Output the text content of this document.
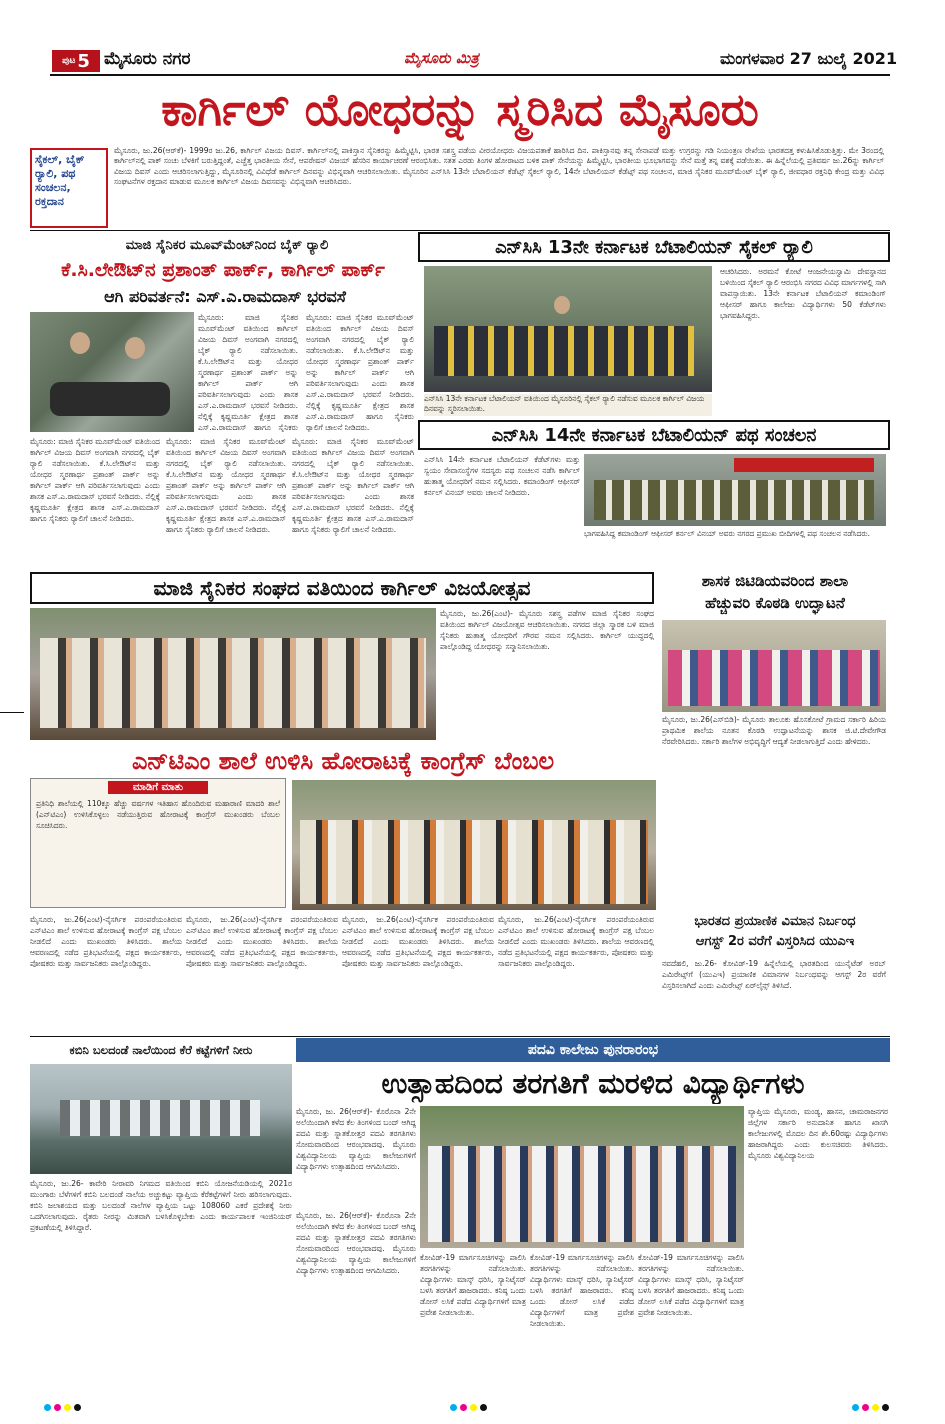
ಪುಟ 5 ಮೈಸೂರು ನಗರ	ಮೈಸೂರು ಮಿತ್ರ	ಮಂಗಳವಾರ 27 ಜುಲೈ 2021
ಕಾರ್ಗಿಲ್ ಯೋಧರನ್ನು ಸ್ಮರಿಸಿದ ಮೈಸೂರು
ಸೈಕಲ್, ಬೈಕ್ ರ‍್ಯಾಲಿ, ಪಥ ಸಂಚಲನ, ರಕ್ತದಾನ
ಮೈಸೂರು, ಜು.26(ಆರ್‌ಕೆ)- 1999ರ ಜು.26, ಕಾರ್ಗಿಲ್ ವಿಜಯ ದಿವಸ್. ಕಾರ್ಗಿಲ್‌ನಲ್ಲಿ ಪಾಕಿಸ್ತಾನ ಸೈನಿಕರನ್ನು ಹಿಮ್ಮೆಟ್ಟಿಸಿ, ಭಾರತ ಸಶಸ್ತ್ರ ಪಡೆಯ ವೀರಯೋಧರು ವಿಜಯಪತಾಕೆ ಹಾರಿಸಿದ ದಿನ. ಪಾಕಿಸ್ತಾನವು ತನ್ನ ಸೇನಾಪಡೆ ಮತ್ತು ಉಗ್ರರನ್ನು ಗಡಿ ನಿಯಂತ್ರಣ ರೇಖೆಯ ಭಾರತದತ್ತ ಕಳುಹಿಸಿಕೊಡುತ್ತಿತ್ತು. ಮೇ 3ರಂದಲ್ಲಿ ಕಾರ್ಗಿಲ್‌ನಲ್ಲಿ ಪಾಕ್ ಸಂಚು ಬೆಳಕಿಗೆ ಬರುತ್ತಿದ್ದಂತೆ, ಎಚ್ಚೆತ್ತ ಭಾರತೀಯ ಸೇನೆ, ಆಪರೇಷನ್ ವಿಜಯ್ ಹೆಸರಿನ ಕಾರ್ಯಾಚರಣೆ ಆರಂಭಿಸಿತು. ಸತತ ಎರಡು ತಿಂಗಳ ಹೋರಾಟದ ಬಳಿಕ ಪಾಕ್ ಸೇನೆಯನ್ನು ಹಿಮ್ಮೆಟ್ಟಿಸಿ, ಭಾರತೀಯ ಭೂಭಾಗವನ್ನು ಸೇನೆ ಮತ್ತೆ ತನ್ನ ವಶಕ್ಕೆ ಪಡೆಯಿತು. ಈ ಹಿನ್ನೆಲೆಯಲ್ಲಿ ಪ್ರತಿವರ್ಷ ಜು.26ನ್ನು ಕಾರ್ಗಿಲ್ ವಿಜಯ ದಿವಸ್ ಎಂದು ಆಚರಿಸಲಾಗುತ್ತಿದ್ದು, ಮೈಸೂರಿನಲ್ಲಿ ವಿವಿಧೆಡೆ ಕಾರ್ಗಿಲ್ ದಿನವನ್ನು ವಿಭಿನ್ನವಾಗಿ ಆಚರಿಸಲಾಯಿತು. ಮೈಸೂರಿನ ಎನ್‌ಸಿಸಿ 13ನೇ ಬೆಟಾಲಿಯನ್ ಕೆಡೆಟ್ಸ್ ಸೈಕಲ್ ರ‍್ಯಾಲಿ, 14ನೇ ಬೆಟಾಲಿಯನ್ ಕೆಡೆಟ್ಸ್ ಪಥ ಸಂಚಲನ, ಮಾಜಿ ಸೈನಿಕರ ಮೂವ್‌ಮೆಂಟ್ ಬೈಕ್ ರ‍್ಯಾಲಿ, ಜೀವಧಾರ ರಕ್ತನಿಧಿ ಕೇಂದ್ರ ಮತ್ತು ವಿವಿಧ ಸಂಘಟನೆಗಳ ರಕ್ತದಾನ ಮಾಡುವ ಮೂಲಕ ಕಾರ್ಗಿಲ್ ವಿಜಯ ದಿವಸವನ್ನು ವಿಭಿನ್ನವಾಗಿ ಆಚರಿಸಿದರು.
ಮಾಜಿ ಸೈನಿಕರ ಮೂವ್‌ಮೆಂಟ್‌ನಿಂದ ಬೈಕ್ ರ‍್ಯಾಲಿ
ಕೆ.ಸಿ.ಲೇಔಟ್‌ನ ಪ್ರಶಾಂತ್ ಪಾರ್ಕ್, ಕಾರ್ಗಿಲ್ ಪಾರ್ಕ್
ಆಗಿ ಪರಿವರ್ತನೆ: ಎಸ್.ಎ.ರಾಮದಾಸ್ ಭರವಸೆ
ಮೈಸೂರು: ಮಾಜಿ ಸೈನಿಕರ ಮೂವ್‌ಮೆಂಟ್ ವತಿಯಿಂದ ಕಾರ್ಗಿಲ್ ವಿಜಯ ದಿವಸ್ ಅಂಗವಾಗಿ ನಗರದಲ್ಲಿ ಬೈಕ್ ರ‍್ಯಾಲಿ ನಡೆಸಲಾಯಿತು. ಕೆ.ಸಿ.ಲೇಔಟ್‌ನ ಮತ್ತು ಯೋಧರ ಸ್ಮರಣಾರ್ಥ ಪ್ರಶಾಂತ್ ಪಾರ್ಕ್ ಅನ್ನು ಕಾರ್ಗಿಲ್ ಪಾರ್ಕ್ ಆಗಿ ಪರಿವರ್ತಿಸಲಾಗುವುದು ಎಂದು ಶಾಸಕ ಎಸ್.ಎ.ರಾಮದಾಸ್ ಭರವಸೆ ನೀಡಿದರು. ನೆಲ್ಲಿಕ್ಕೆ ಕೃಷ್ಣಮೂರ್ತಿ ಕ್ಷೇತ್ರದ ಶಾಸಕ ಎಸ್.ಎ.ರಾಮದಾಸ್ ಹಾಗೂ ಸೈನಿಕರು
ಮೈಸೂರು: ಮಾಜಿ ಸೈನಿಕರ ಮೂವ್‌ಮೆಂಟ್ ವತಿಯಿಂದ ಕಾರ್ಗಿಲ್ ವಿಜಯ ದಿವಸ್ ಅಂಗವಾಗಿ ನಗರದಲ್ಲಿ ಬೈಕ್ ರ‍್ಯಾಲಿ ನಡೆಸಲಾಯಿತು. ಕೆ.ಸಿ.ಲೇಔಟ್‌ನ ಮತ್ತು ಯೋಧರ ಸ್ಮರಣಾರ್ಥ ಪ್ರಶಾಂತ್ ಪಾರ್ಕ್ ಅನ್ನು ಕಾರ್ಗಿಲ್ ಪಾರ್ಕ್ ಆಗಿ ಪರಿವರ್ತಿಸಲಾಗುವುದು ಎಂದು ಶಾಸಕ ಎಸ್.ಎ.ರಾಮದಾಸ್ ಭರವಸೆ ನೀಡಿದರು. ನೆಲ್ಲಿಕ್ಕೆ ಕೃಷ್ಣಮೂರ್ತಿ ಕ್ಷೇತ್ರದ ಶಾಸಕ ಎಸ್.ಎ.ರಾಮದಾಸ್ ಹಾಗೂ ಸೈನಿಕರು ರ‍್ಯಾಲಿಗೆ ಚಾಲನೆ ನೀಡಿದರು.
ಮೈಸೂರು: ಮಾಜಿ ಸೈನಿಕರ ಮೂವ್‌ಮೆಂಟ್ ವತಿಯಿಂದ ಕಾರ್ಗಿಲ್ ವಿಜಯ ದಿವಸ್ ಅಂಗವಾಗಿ ನಗರದಲ್ಲಿ ಬೈಕ್ ರ‍್ಯಾಲಿ ನಡೆಸಲಾಯಿತು. ಕೆ.ಸಿ.ಲೇಔಟ್‌ನ ಮತ್ತು ಯೋಧರ ಸ್ಮರಣಾರ್ಥ ಪ್ರಶಾಂತ್ ಪಾರ್ಕ್ ಅನ್ನು ಕಾರ್ಗಿಲ್ ಪಾರ್ಕ್ ಆಗಿ ಪರಿವರ್ತಿಸಲಾಗುವುದು ಎಂದು ಶಾಸಕ ಎಸ್.ಎ.ರಾಮದಾಸ್ ಭರವಸೆ ನೀಡಿದರು. ನೆಲ್ಲಿಕ್ಕೆ ಕೃಷ್ಣಮೂರ್ತಿ ಕ್ಷೇತ್ರದ ಶಾಸಕ ಎಸ್.ಎ.ರಾಮದಾಸ್ ಹಾಗೂ ಸೈನಿಕರು ರ‍್ಯಾಲಿಗೆ ಚಾಲನೆ ನೀಡಿದರು.
ಮೈಸೂರು: ಮಾಜಿ ಸೈನಿಕರ ಮೂವ್‌ಮೆಂಟ್ ವತಿಯಿಂದ ಕಾರ್ಗಿಲ್ ವಿಜಯ ದಿವಸ್ ಅಂಗವಾಗಿ ನಗರದಲ್ಲಿ ಬೈಕ್ ರ‍್ಯಾಲಿ ನಡೆಸಲಾಯಿತು. ಕೆ.ಸಿ.ಲೇಔಟ್‌ನ ಮತ್ತು ಯೋಧರ ಸ್ಮರಣಾರ್ಥ ಪ್ರಶಾಂತ್ ಪಾರ್ಕ್ ಅನ್ನು ಕಾರ್ಗಿಲ್ ಪಾರ್ಕ್ ಆಗಿ ಪರಿವರ್ತಿಸಲಾಗುವುದು ಎಂದು ಶಾಸಕ ಎಸ್.ಎ.ರಾಮದಾಸ್ ಭರವಸೆ ನೀಡಿದರು. ನೆಲ್ಲಿಕ್ಕೆ ಕೃಷ್ಣಮೂರ್ತಿ ಕ್ಷೇತ್ರದ ಶಾಸಕ ಎಸ್.ಎ.ರಾಮದಾಸ್ ಹಾಗೂ ಸೈನಿಕರು ರ‍್ಯಾಲಿಗೆ ಚಾಲನೆ ನೀಡಿದರು.
ಮೈಸೂರು: ಮಾಜಿ ಸೈನಿಕರ ಮೂವ್‌ಮೆಂಟ್ ವತಿಯಿಂದ ಕಾರ್ಗಿಲ್ ವಿಜಯ ದಿವಸ್ ಅಂಗವಾಗಿ ನಗರದಲ್ಲಿ ಬೈಕ್ ರ‍್ಯಾಲಿ ನಡೆಸಲಾಯಿತು. ಕೆ.ಸಿ.ಲೇಔಟ್‌ನ ಮತ್ತು ಯೋಧರ ಸ್ಮರಣಾರ್ಥ ಪ್ರಶಾಂತ್ ಪಾರ್ಕ್ ಅನ್ನು ಕಾರ್ಗಿಲ್ ಪಾರ್ಕ್ ಆಗಿ ಪರಿವರ್ತಿಸಲಾಗುವುದು ಎಂದು ಶಾಸಕ ಎಸ್.ಎ.ರಾಮದಾಸ್ ಭರವಸೆ ನೀಡಿದರು. ನೆಲ್ಲಿಕ್ಕೆ ಕೃಷ್ಣಮೂರ್ತಿ ಕ್ಷೇತ್ರದ ಶಾಸಕ ಎಸ್.ಎ.ರಾಮದಾಸ್ ಹಾಗೂ ಸೈನಿಕರು ರ‍್ಯಾಲಿಗೆ ಚಾಲನೆ ನೀಡಿದರು.
ಎನ್‌ಸಿಸಿ 13ನೇ ಕರ್ನಾಟಕ ಬೆಟಾಲಿಯನ್ ಸೈಕಲ್ ರ‍್ಯಾಲಿ
ಎನ್‌ಸಿಸಿ 13ನೇ ಕರ್ನಾಟಕ ಬೆಟಾಲಿಯನ್ ವತಿಯಿಂದ ಮೈಸೂರಿನಲ್ಲಿ ಸೈಕಲ್ ರ‍್ಯಾಲಿ ನಡೆಸುವ ಮೂಲಕ ಕಾರ್ಗಿಲ್ ವಿಜಯ ದಿನವನ್ನು ಸ್ಮರಿಸಲಾಯಿತು.
ಆಚರಿಸಿದರು. ಅರಮನೆ ಕೋಟೆ ಆಂಜನೇಯಸ್ವಾಮಿ ದೇವಸ್ಥಾನದ ಬಳಿಯಿಂದ ಸೈಕಲ್ ರ‍್ಯಾಲಿ ಆರಂಭಿಸಿ ನಗರದ ವಿವಿಧ ಮಾರ್ಗಗಳಲ್ಲಿ ಸಾಗಿ ವಾಪಸ್ಸಾಯಿತು. 13ನೇ ಕರ್ನಾಟಕ ಬೆಟಾಲಿಯನ್ ಕಮಾಂಡಿಂಗ್ ಆಫೀಸರ್ ಹಾಗೂ ಕಾಲೇಜು ವಿದ್ಯಾರ್ಥಿಗಳು 50 ಕೆಡೆಟ್‌ಗಳು ಭಾಗವಹಿಸಿದ್ದರು.
ಎನ್‌ಸಿಸಿ 14ನೇ ಕರ್ನಾಟಕ ಬೆಟಾಲಿಯನ್ ಪಥ ಸಂಚಲನ
ಎನ್‌ಸಿಸಿ 14ನೇ ಕರ್ನಾಟಕ ಬೆಟಾಲಿಯನ್ ಕೆಡೆಟ್‌ಗಳು ಮತ್ತು ಸ್ವಯಂ ಸೇವಾಸಂಸ್ಥೆಗಳ ಸದಸ್ಯರು ಪಥ ಸಂಚಲನ ನಡೆಸಿ ಕಾರ್ಗಿಲ್ ಹುತಾತ್ಮ ಯೋಧರಿಗೆ ನಮನ ಸಲ್ಲಿಸಿದರು. ಕಮಾಂಡಿಂಗ್ ಆಫೀಸರ್ ಕರ್ನಲ್ ವಿನಯ್ ಅವರು ಚಾಲನೆ ನೀಡಿದರು.
ಭಾಗವಹಿಸಿದ್ದ ಕಮಾಂಡಿಂಗ್ ಆಫೀಸರ್ ಕರ್ನಲ್ ವಿನಯ್ ಅವರು ನಗರದ ಪ್ರಮುಖ ಬೀದಿಗಳಲ್ಲಿ ಪಥ ಸಂಚಲನ ನಡೆಸಿದರು.
ಮಾಜಿ ಸೈನಿಕರ ಸಂಘದ ವತಿಯಿಂದ ಕಾರ್ಗಿಲ್ ವಿಜಯೋತ್ಸವ
ಮೈಸೂರು, ಜು.26(ಎಂಟಿ)- ಮೈಸೂರು ಸಶಸ್ತ್ರ ಪಡೆಗಳ ಮಾಜಿ ಸೈನಿಕರ ಸಂಘದ ವತಿಯಿಂದ ಕಾರ್ಗಿಲ್ ವಿಜಯೋತ್ಸವ ಆಚರಿಸಲಾಯಿತು. ನಗರದ ಜಿಲ್ಲಾ ಸ್ಮಾರಕ ಬಳಿ ಮಾಜಿ ಸೈನಿಕರು ಹುತಾತ್ಮ ಯೋಧರಿಗೆ ಗೌರವ ನಮನ ಸಲ್ಲಿಸಿದರು. ಕಾರ್ಗಿಲ್ ಯುದ್ಧದಲ್ಲಿ ಪಾಲ್ಗೊಂಡಿದ್ದ ಯೋಧರನ್ನು ಸನ್ಮಾನಿಸಲಾಯಿತು.
ಶಾಸಕ ಜಿಟಿಡಿಯವರಿಂದ ಶಾಲಾ
ಹೆಚ್ಚುವರಿ ಕೊಠಡಿ ಉದ್ಘಾಟನೆ
ಮೈಸೂರು, ಜು.26(ಎಸ್‌ಬಿಡಿ)- ಮೈಸೂರು ತಾಲೂಕು ಹೊಸಕೋಟೆ ಗ್ರಾಮದ ಸರ್ಕಾರಿ ಹಿರಿಯ ಪ್ರಾಥಮಿಕ ಶಾಲೆಯ ನೂತನ ಕೊಠಡಿ ಉದ್ಘಾಟನೆಯನ್ನು ಶಾಸಕ ಜಿ.ಟಿ.ದೇವೇಗೌಡ ನೆರವೇರಿಸಿದರು. ಸರ್ಕಾರಿ ಶಾಲೆಗಳ ಅಭಿವೃದ್ಧಿಗೆ ಆದ್ಯತೆ ನೀಡಲಾಗುತ್ತಿದೆ ಎಂದು ಹೇಳಿದರು.
ಎನ್‌ಟಿಎಂ ಶಾಲೆ ಉಳಿಸಿ ಹೋರಾಟಕ್ಕೆ ಕಾಂಗ್ರೆಸ್ ಬೆಂಬಲ
ಮಾಡಿಗೆ ಮಾತು
ಪ್ರತಿನಿಧಿ ಶಾಲೆಯಲ್ಲಿ 110ಕ್ಕೂ ಹೆಚ್ಚು ವರ್ಷಗಳ ಇತಿಹಾಸ ಹೊಂದಿರುವ ಮಹಾರಾಣಿ ಮಾದರಿ ಶಾಲೆ (ಎನ್‌ಟಿಎಂ) ಉಳಿಸಿಕೊಳ್ಳಲು ನಡೆಯುತ್ತಿರುವ ಹೋರಾಟಕ್ಕೆ ಕಾಂಗ್ರೆಸ್ ಮುಖಂಡರು ಬೆಂಬಲ ಸೂಚಿಸಿದರು.
ಮೈಸೂರು, ಜು.26(ಎಂಟಿ)-ನೈಸರ್ಗಿಕ ಪರಂಪರೆಯಂತಿರುವ ಎನ್‌ಟಿಎಂ ಶಾಲೆ ಉಳಿಸುವ ಹೋರಾಟಕ್ಕೆ ಕಾಂಗ್ರೆಸ್ ಪಕ್ಷ ಬೆಂಬಲ ನೀಡಲಿದೆ ಎಂದು ಮುಖಂಡರು ತಿಳಿಸಿದರು. ಶಾಲೆಯ ಆವರಣದಲ್ಲಿ ನಡೆದ ಪ್ರತಿಭಟನೆಯಲ್ಲಿ ಪಕ್ಷದ ಕಾರ್ಯಕರ್ತರು, ಪೋಷಕರು ಮತ್ತು ಸಾರ್ವಜನಿಕರು ಪಾಲ್ಗೊಂಡಿದ್ದರು.
ಮೈಸೂರು, ಜು.26(ಎಂಟಿ)-ನೈಸರ್ಗಿಕ ಪರಂಪರೆಯಂತಿರುವ ಎನ್‌ಟಿಎಂ ಶಾಲೆ ಉಳಿಸುವ ಹೋರಾಟಕ್ಕೆ ಕಾಂಗ್ರೆಸ್ ಪಕ್ಷ ಬೆಂಬಲ ನೀಡಲಿದೆ ಎಂದು ಮುಖಂಡರು ತಿಳಿಸಿದರು. ಶಾಲೆಯ ಆವರಣದಲ್ಲಿ ನಡೆದ ಪ್ರತಿಭಟನೆಯಲ್ಲಿ ಪಕ್ಷದ ಕಾರ್ಯಕರ್ತರು, ಪೋಷಕರು ಮತ್ತು ಸಾರ್ವಜನಿಕರು ಪಾಲ್ಗೊಂಡಿದ್ದರು.
ಮೈಸೂರು, ಜು.26(ಎಂಟಿ)-ನೈಸರ್ಗಿಕ ಪರಂಪರೆಯಂತಿರುವ ಎನ್‌ಟಿಎಂ ಶಾಲೆ ಉಳಿಸುವ ಹೋರಾಟಕ್ಕೆ ಕಾಂಗ್ರೆಸ್ ಪಕ್ಷ ಬೆಂಬಲ ನೀಡಲಿದೆ ಎಂದು ಮುಖಂಡರು ತಿಳಿಸಿದರು. ಶಾಲೆಯ ಆವರಣದಲ್ಲಿ ನಡೆದ ಪ್ರತಿಭಟನೆಯಲ್ಲಿ ಪಕ್ಷದ ಕಾರ್ಯಕರ್ತರು, ಪೋಷಕರು ಮತ್ತು ಸಾರ್ವಜನಿಕರು ಪಾಲ್ಗೊಂಡಿದ್ದರು.
ಮೈಸೂರು, ಜು.26(ಎಂಟಿ)-ನೈಸರ್ಗಿಕ ಪರಂಪರೆಯಂತಿರುವ ಎನ್‌ಟಿಎಂ ಶಾಲೆ ಉಳಿಸುವ ಹೋರಾಟಕ್ಕೆ ಕಾಂಗ್ರೆಸ್ ಪಕ್ಷ ಬೆಂಬಲ ನೀಡಲಿದೆ ಎಂದು ಮುಖಂಡರು ತಿಳಿಸಿದರು. ಶಾಲೆಯ ಆವರಣದಲ್ಲಿ ನಡೆದ ಪ್ರತಿಭಟನೆಯಲ್ಲಿ ಪಕ್ಷದ ಕಾರ್ಯಕರ್ತರು, ಪೋಷಕರು ಮತ್ತು ಸಾರ್ವಜನಿಕರು ಪಾಲ್ಗೊಂಡಿದ್ದರು.
ಭಾರತದ ಪ್ರಯಾಣಿಕ ವಿಮಾನ ನಿರ್ಬಂಧ
ಆಗಸ್ಟ್ 2ರ ವರೆಗೆ ವಿಸ್ತರಿಸಿದ ಯುಎಇ
ನವದೆಹಲಿ, ಜು.26- ಕೋವಿಡ್-19 ಹಿನ್ನೆಲೆಯಲ್ಲಿ ಭಾರತದಿಂದ ಯುನೈಟೆಡ್ ಅರಬ್ ಎಮಿರೇಟ್ಸ್‌ಗೆ (ಯುಎಇ) ಪ್ರಯಾಣಿಕ ವಿಮಾನಗಳ ನಿರ್ಬಂಧವನ್ನು ಆಗಸ್ಟ್ 2ರ ವರೆಗೆ ವಿಸ್ತರಿಸಲಾಗಿದೆ ಎಂದು ಎಮಿರೇಟ್ಸ್ ಏರ್‌ಲೈನ್ಸ್ ತಿಳಿಸಿದೆ.
ಕಬಿನಿ ಬಲದಂಡೆ ನಾಲೆಯಿಂದ ಕೆರೆ ಕಟ್ಟೆಗಳಿಗೆ ನೀರು
ಮೈಸೂರು, ಜು.26- ಕಾವೇರಿ ನೀರಾವರಿ ನಿಗಮದ ವತಿಯಿಂದ ಕಬಿನಿ ಯೋಜನೆಯಡಿಯಲ್ಲಿ 2021ರ ಮುಂಗಾರು ಬೆಳೆಗಳಿಗೆ ಕಬಿನಿ ಬಲದಂಡೆ ನಾಲೆಯ ಅಚ್ಚುಕಟ್ಟು ವ್ಯಾಪ್ತಿಯ ಕೆರೆಕಟ್ಟೆಗಳಿಗೆ ನೀರು ಹರಿಸಲಾಗುವುದು. ಕಬಿನಿ ಜಲಾಶಯದ ಮತ್ತು ಬಲದಂಡೆ ನಾಲೆಗಳ ವ್ಯಾಪ್ತಿಯ ಒಟ್ಟು 108060 ಎಕರೆ ಪ್ರದೇಶಕ್ಕೆ ನೀರು ಒದಗಿಸಲಾಗುವುದು. ರೈತರು ನೀರನ್ನು ಮಿತವಾಗಿ ಬಳಸಿಕೊಳ್ಳಬೇಕು ಎಂದು ಕಾರ್ಯಪಾಲಕ ಇಂಜಿನಿಯರ್ ಪ್ರಕಟಣೆಯಲ್ಲಿ ತಿಳಿಸಿದ್ದಾರೆ.
ಪದವಿ ಕಾಲೇಜು ಪುನರಾರಂಭ
ಉತ್ಸಾಹದಿಂದ ತರಗತಿಗೆ ಮರಳಿದ ವಿದ್ಯಾರ್ಥಿಗಳು
ಮೈಸೂರು, ಜು. 26(ಆರ್‌ಕೆ)- ಕೊರೊನಾ 2ನೇ ಅಲೆಯಿಂದಾಗಿ ಕಳೆದ ಕೆಲ ತಿಂಗಳಿಂದ ಬಂದ್ ಆಗಿದ್ದ ಪದವಿ ಮತ್ತು ಸ್ನಾತಕೋತ್ತರ ಪದವಿ ತರಗತಿಗಳು ಸೋಮವಾರದಿಂದ ಆರಂಭವಾದವು. ಮೈಸೂರು ವಿಶ್ವವಿದ್ಯಾನಿಲಯ ವ್ಯಾಪ್ತಿಯ ಕಾಲೇಜುಗಳಿಗೆ ವಿದ್ಯಾರ್ಥಿಗಳು ಉತ್ಸಾಹದಿಂದ ಆಗಮಿಸಿದರು.
ವ್ಯಾಪ್ತಿಯ ಮೈಸೂರು, ಮಂಡ್ಯ, ಹಾಸನ, ಚಾಮರಾಜನಗರ ಜಿಲ್ಲೆಗಳ ಸರ್ಕಾರಿ ಅನುದಾನಿತ ಹಾಗೂ ಖಾಸಗಿ ಕಾಲೇಜುಗಳಲ್ಲಿ ಮೊದಲ ದಿನ ಶೇ.60ರಷ್ಟು ವಿದ್ಯಾರ್ಥಿಗಳು ಹಾಜರಾಗಿದ್ದರು ಎಂದು ಕುಲಸಚಿವರು ತಿಳಿಸಿದರು. ಮೈಸೂರು ವಿಶ್ವವಿದ್ಯಾನಿಲಯ
ಮೈಸೂರು, ಜು. 26(ಆರ್‌ಕೆ)- ಕೊರೊನಾ 2ನೇ ಅಲೆಯಿಂದಾಗಿ ಕಳೆದ ಕೆಲ ತಿಂಗಳಿಂದ ಬಂದ್ ಆಗಿದ್ದ ಪದವಿ ಮತ್ತು ಸ್ನಾತಕೋತ್ತರ ಪದವಿ ತರಗತಿಗಳು ಸೋಮವಾರದಿಂದ ಆರಂಭವಾದವು. ಮೈಸೂರು ವಿಶ್ವವಿದ್ಯಾನಿಲಯ ವ್ಯಾಪ್ತಿಯ ಕಾಲೇಜುಗಳಿಗೆ ವಿದ್ಯಾರ್ಥಿಗಳು ಉತ್ಸಾಹದಿಂದ ಆಗಮಿಸಿದರು.
ಕೋವಿಡ್-19 ಮಾರ್ಗಸೂಚಿಗಳನ್ನು ಪಾಲಿಸಿ ತರಗತಿಗಳನ್ನು ನಡೆಸಲಾಯಿತು. ವಿದ್ಯಾರ್ಥಿಗಳು ಮಾಸ್ಕ್ ಧರಿಸಿ, ಸ್ಯಾನಿಟೈಸರ್ ಬಳಸಿ ತರಗತಿಗೆ ಹಾಜರಾದರು. ಕನಿಷ್ಠ ಒಂದು ಡೋಸ್ ಲಸಿಕೆ ಪಡೆದ ವಿದ್ಯಾರ್ಥಿಗಳಿಗೆ ಮಾತ್ರ ಪ್ರವೇಶ ನೀಡಲಾಯಿತು.
ಕೋವಿಡ್-19 ಮಾರ್ಗಸೂಚಿಗಳನ್ನು ಪಾಲಿಸಿ ತರಗತಿಗಳನ್ನು ನಡೆಸಲಾಯಿತು. ವಿದ್ಯಾರ್ಥಿಗಳು ಮಾಸ್ಕ್ ಧರಿಸಿ, ಸ್ಯಾನಿಟೈಸರ್ ಬಳಸಿ ತರಗತಿಗೆ ಹಾಜರಾದರು. ಕನಿಷ್ಠ ಒಂದು ಡೋಸ್ ಲಸಿಕೆ ಪಡೆದ ವಿದ್ಯಾರ್ಥಿಗಳಿಗೆ ಮಾತ್ರ ಪ್ರವೇಶ ನೀಡಲಾಯಿತು.
ಕೋವಿಡ್-19 ಮಾರ್ಗಸೂಚಿಗಳನ್ನು ಪಾಲಿಸಿ ತರಗತಿಗಳನ್ನು ನಡೆಸಲಾಯಿತು. ವಿದ್ಯಾರ್ಥಿಗಳು ಮಾಸ್ಕ್ ಧರಿಸಿ, ಸ್ಯಾನಿಟೈಸರ್ ಬಳಸಿ ತರಗತಿಗೆ ಹಾಜರಾದರು. ಕನಿಷ್ಠ ಒಂದು ಡೋಸ್ ಲಸಿಕೆ ಪಡೆದ ವಿದ್ಯಾರ್ಥಿಗಳಿಗೆ ಮಾತ್ರ ಪ್ರವೇಶ ನೀಡಲಾಯಿತು.
